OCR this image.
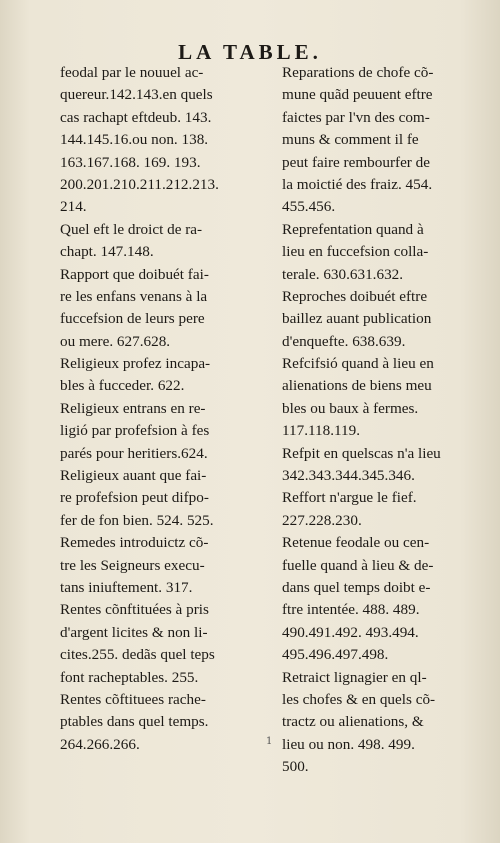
LA TABLE.
feodal par le nouuel ac-
quereur.142.143.en quels
cas rachapt eftdeub. 143.
144.145.16.ou non. 138.
163.167.168. 169. 193.
200.201.210.211.212.213.
214.
Quel eft le droict de ra-
chapt. 147.148.
Rapport que doibuét fai-
re les enfans venans à la
fuccefsion de leurs pere
ou mere. 627.628.
Religieux profez incapa-
bles à fucceder. 622.
Religieux entrans en re-
ligió par profefsion à fes
parés pour heritiers.624.
Religieux auant que fai-
re profefsion peut difpo-
fer de fon bien. 524. 525.
Remedes introduictz cõ-
tre les Seigneurs execu-
tans iniuftement. 317.
Rentes cõnftituées à pris
d'argent licites & non li-
cites.255. dedãs quel teps
font racheptables. 255.
Rentes cõftituees rache-
ptables dans quel temps.
264.266.266.
Reparations de chofe cõ-
mune quãd peuuent eftre
faictes par l'vn des com-
muns & comment il fe
peut faire rembourfer de
la moictié des fraiz. 454.
455.456.
Reprefentation quand à
lieu en fuccefsion colla-
terale. 630.631.632.
Reproches doibuét eftre
baillez auant publication
d'enquefte. 638.639.
Refcifsió quand à lieu en
alienations de biens meu
bles ou baux à fermes.
117.118.119.
Refpit en quelscas n'a lieu
342.343.344.345.346.
Reffort n'argue le fief.
227.228.230.
Retenue feodale ou cen-
fuelle quand à lieu & de-
dans quel temps doibt e-
ftre intentée. 488. 489.
490.491.492. 493.494.
495.496.497.498.
Retraict lignagier en ql-
les chofes & en quels cõ-
tractz ou alienations, &
lieu ou non. 498. 499.
500.
1
